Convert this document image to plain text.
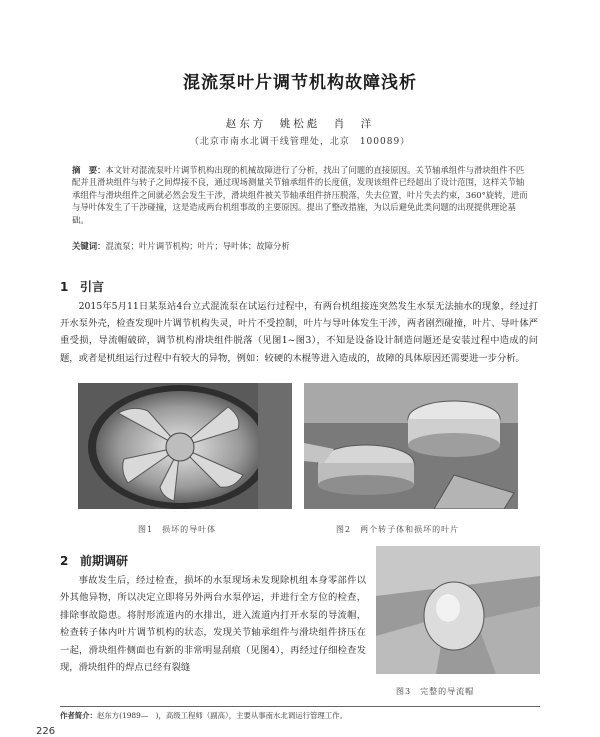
混流泵叶片调节机构故障浅析
赵东方　姚松彪　肖　洋
（北京市南水北调干线管理处，北京　100089）
摘　要：本文针对混流泵叶片调节机构出现的机械故障进行了分析，找出了问题的直接原因。关节轴承组件与滑块组件不匹配并且滑块组件与转子之间焊接不良，通过现场测量关节轴承组件的长度值，发现该组件已经超出了设计范围，这样关节轴承组件与滑块组件之间就必然会发生干涉，滑块组件被关节轴承组件挤压脱落，失去位置，叶片失去约束，360°旋转，进而与导叶体发生了干涉碰撞，这是造成两台机组事故的主要原因。提出了整改措施，为以后避免此类问题的出现提供理论基础。
关键词：混流泵；叶片调节机构；叶片；导叶体；故障分析
1 引言
2015年5月11日某泵站4台立式混流泵在试运行过程中，有两台机组接连突然发生水泵无法抽水的现象，经过打开水泵外壳，检查发现叶片调节机构失灵，叶片不受控制，叶片与导叶体发生干涉，两者剧烈碰撞，叶片、导叶体严重受损，导流帽破碎，调节机构滑块组件脱落（见图1~图3），不知是设备设计制造问题还是安装过程中造成的问题，或者是机组运行过程中有较大的异物，例如：较硬的木棍等进入造成的，故障的具体原因还需要进一步分析。
图1　损坏的导叶体	图2　两个转子体和损坏的叶片
2 前期调研
事故发生后，经过检查，损坏的水泵现场未发现除机组本身零部件以外其他异物，所以决定立即将另外两台水泵停运，并进行全方位的检查，排除事故隐患。将肘形流道内的水排出，进入流道内打开水泵的导流帽，检查转子体内叶片调节机构的状态，发现关节轴承组件与滑块组件挤压在一起，滑块组件侧面也有新的非常明显刮痕（见图4），再经过仔细检查发现，滑块组件的焊点已经有裂缝
图3　完整的导流帽
作者简介：赵东方(1989—　)，高级工程师（副高），主要从事南水北调运行管理工作。
226
